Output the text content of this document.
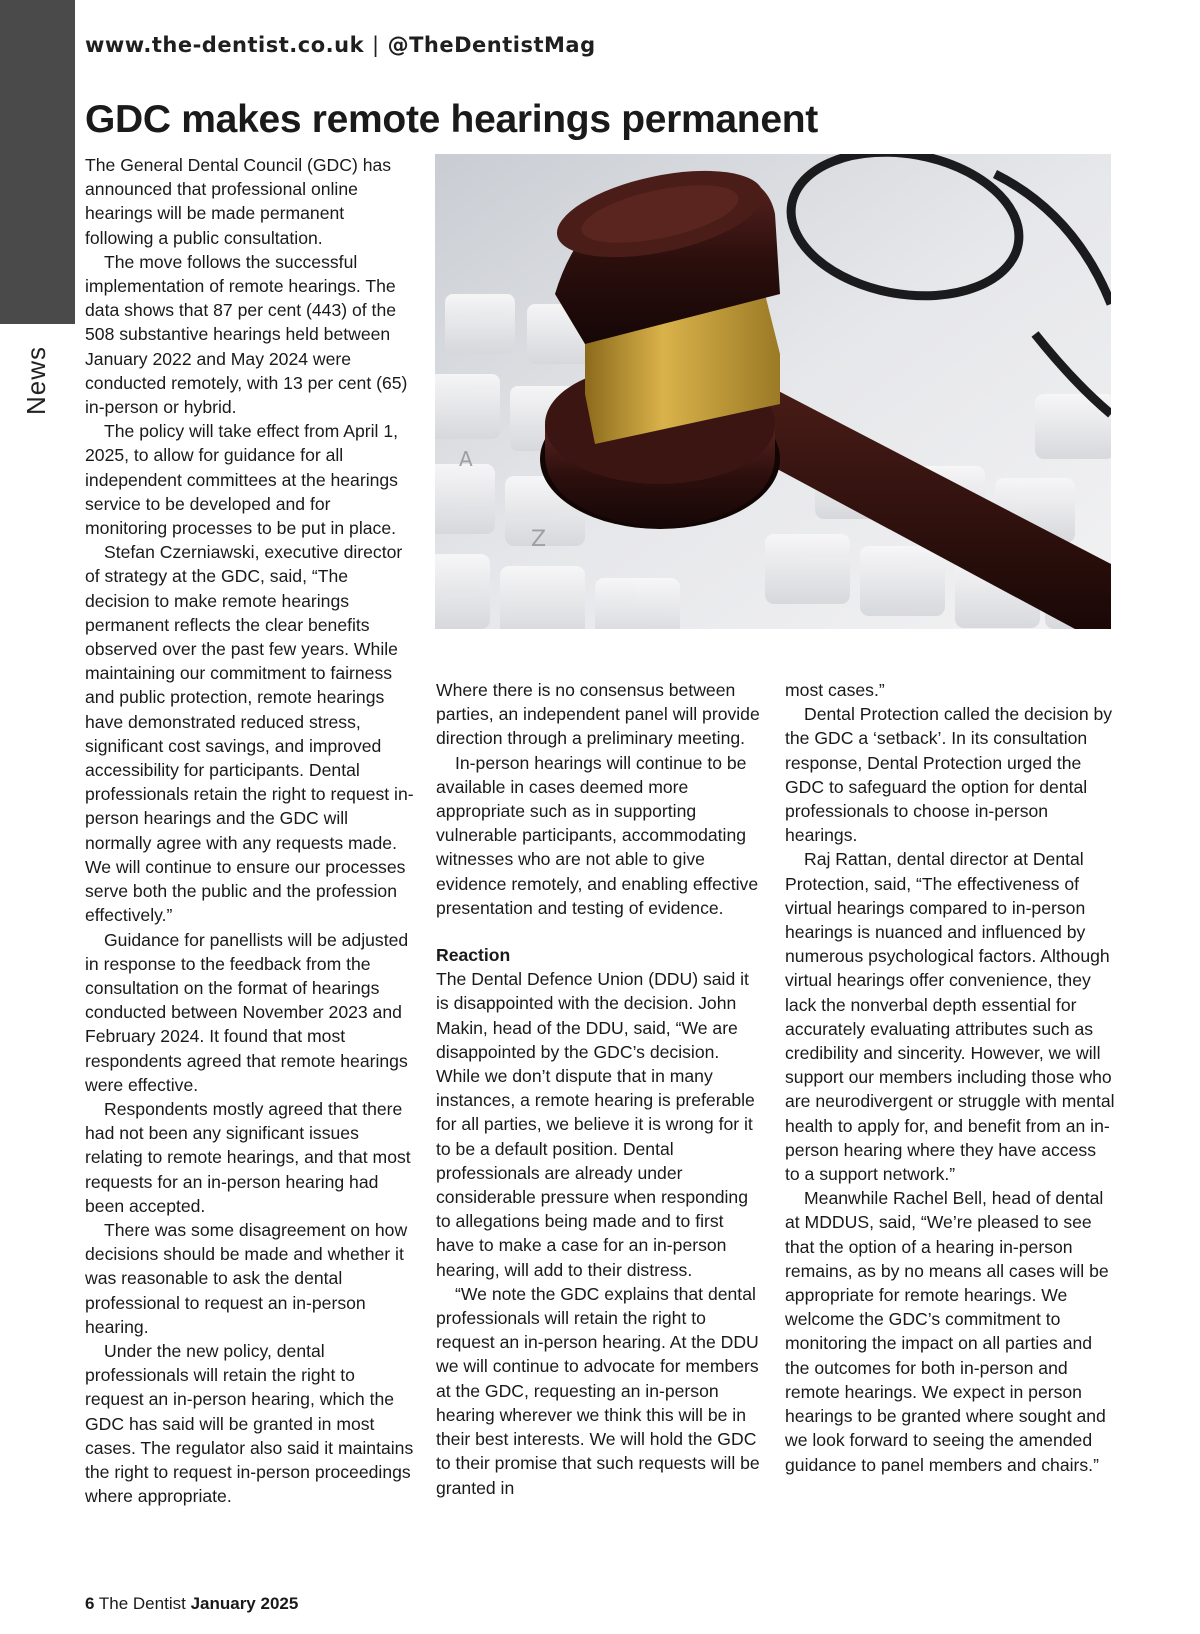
News
www.the-dentist.co.uk | @TheDentistMag
GDC makes remote hearings permanent

The General Dental Council (GDC) has announced that professional online hearings will be made permanent following a public consultation.

The move follows the successful implementation of remote hearings. The data shows that 87 per cent (443) of the 508 substantive hearings held between January 2022 and May 2024 were conducted remotely, with 13 per cent (65) in-person or hybrid.

The policy will take effect from April 1, 2025, to allow for guidance for all independent committees at the hearings service to be developed and for monitoring processes to be put in place.

Stefan Czerniawski, executive director of strategy at the GDC, said, “The decision to make remote hearings permanent reflects the clear benefits observed over the past few years. While maintaining our commitment to fairness and public protection, remote hearings have demonstrated reduced stress, significant cost savings, and improved accessibility for participants. Dental professionals retain the right to request in-person hearings and the GDC will normally agree with any requests made. We will continue to ensure our processes serve both the public and the profession effectively.”

Guidance for panellists will be adjusted in response to the feedback from the consultation on the format of hearings conducted between November 2023 and February 2024. It found that most respondents agreed that remote hearings were effective.

Respondents mostly agreed that there had not been any significant issues relating to remote hearings, and that most requests for an in-person hearing had been accepted.

There was some disagreement on how decisions should be made and whether it was reasonable to ask the dental professional to request an in-person hearing.

Under the new policy, dental professionals will retain the right to request an in-person hearing, which the GDC has said will be granted in most cases. The regulator also said it maintains the right to request in-person proceedings where appropriate.

A
Z

Where there is no consensus between parties, an independent panel will provide direction through a preliminary meeting.

In-person hearings will continue to be available in cases deemed more appropriate such as in supporting vulnerable participants, accommodating witnesses who are not able to give evidence remotely, and enabling effective presentation and testing of evidence.

Reaction

The Dental Defence Union (DDU) said it is disappointed with the decision. John Makin, head of the DDU, said, “We are disappointed by the GDC’s decision. While we don’t dispute that in many instances, a remote hearing is preferable for all parties, we believe it is wrong for it to be a default position. Dental professionals are already under considerable pressure when responding to allegations being made and to first have to make a case for an in-person hearing, will add to their distress.

“We note the GDC explains that dental professionals will retain the right to request an in-person hearing. At the DDU we will continue to advocate for members at the GDC, requesting an in-person hearing wherever we think this will be in their best interests. We will hold the GDC to their promise that such requests will be granted in

most cases.”

Dental Protection called the decision by the GDC a ‘setback’. In its consultation response, Dental Protection urged the GDC to safeguard the option for dental professionals to choose in-person hearings.

Raj Rattan, dental director at Dental Protection, said, “The effectiveness of virtual hearings compared to in-person hearings is nuanced and influenced by numerous psychological factors. Although virtual hearings offer convenience, they lack the nonverbal depth essential for accurately evaluating attributes such as credibility and sincerity. However, we will support our members including those who are neurodivergent or struggle with mental health to apply for, and benefit from an in-person hearing where they have access to a support network.”

Meanwhile Rachel Bell, head of dental at MDDUS, said, “We’re pleased to see that the option of a hearing in-person remains, as by no means all cases will be appropriate for remote hearings. We welcome the GDC’s commitment to monitoring the impact on all parties and the outcomes for both in-person and remote hearings. We expect in person hearings to be granted where sought and we look forward to seeing the amended guidance to panel members and chairs.”

6 The Dentist January 2025
